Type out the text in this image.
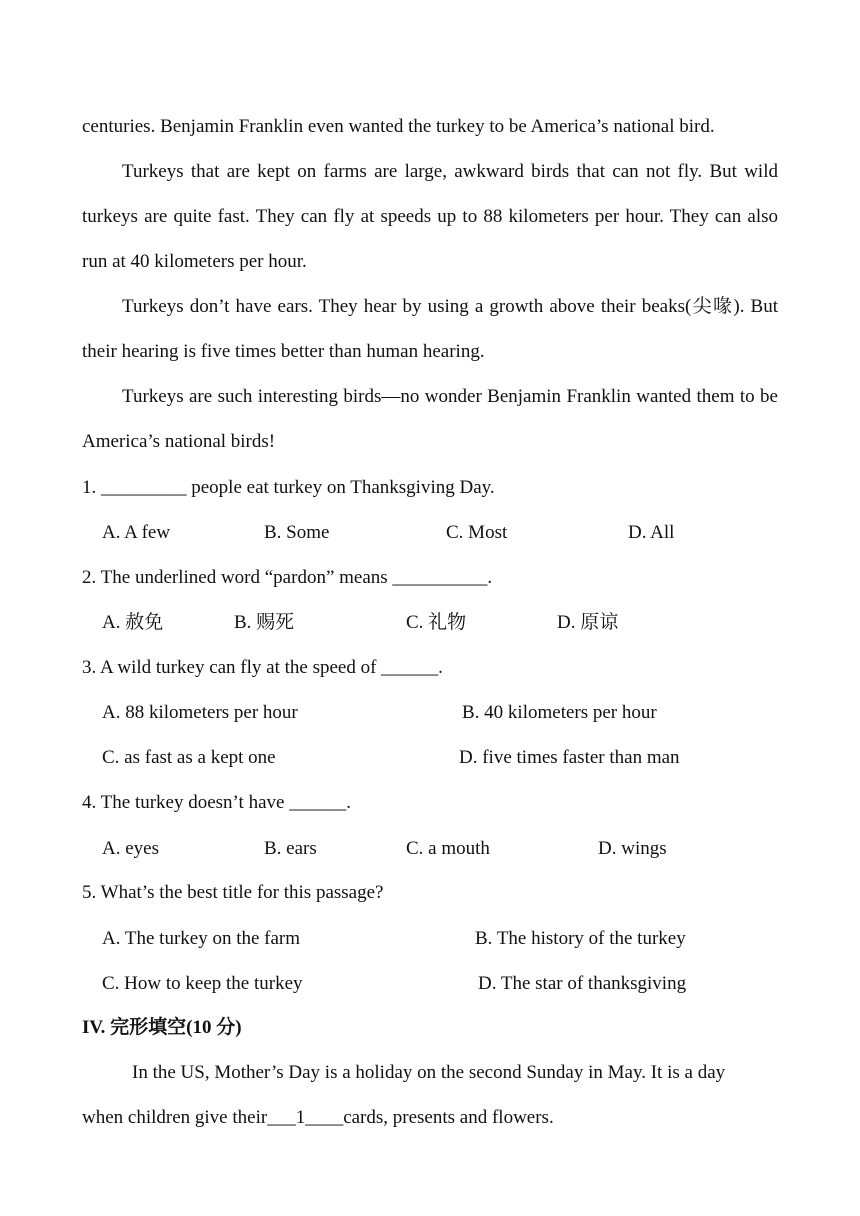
centuries. Benjamin Franklin even wanted the turkey to be America’s national bird.
Turkeys that are kept on farms are large, awkward birds that can not fly. But wild turkeys are quite fast. They can fly at speeds up to 88 kilometers per hour. They can also run at 40 kilometers per hour.
Turkeys don’t have ears. They hear by using a growth above their beaks(尖喙). But their hearing is five times better than human hearing.
Turkeys are such interesting birds—no wonder Benjamin Franklin wanted them to be America’s national birds!
1. _________ people eat turkey on Thanksgiving Day.
A. A few	B. Some	C. Most	D. All
2. The underlined word “pardon” means __________.
A. 赦免	B. 赐死	C. 礼物	D. 原谅
3. A wild turkey can fly at the speed of ______.
A. 88 kilometers per hour	B. 40 kilometers per hour
C. as fast as a kept one	D. five times faster than man
4. The turkey doesn’t have ______.
A. eyes	B. ears	C. a mouth	D. wings
5. What’s the best title for this passage?
A. The turkey on the farm	B. The history of the turkey
C. How to keep the turkey	D. The star of thanksgiving
IV. 完形填空(10 分)
In the US, Mother’s Day is a holiday on the second Sunday in May. It is a day
when children give their___1____cards, presents and flowers.
